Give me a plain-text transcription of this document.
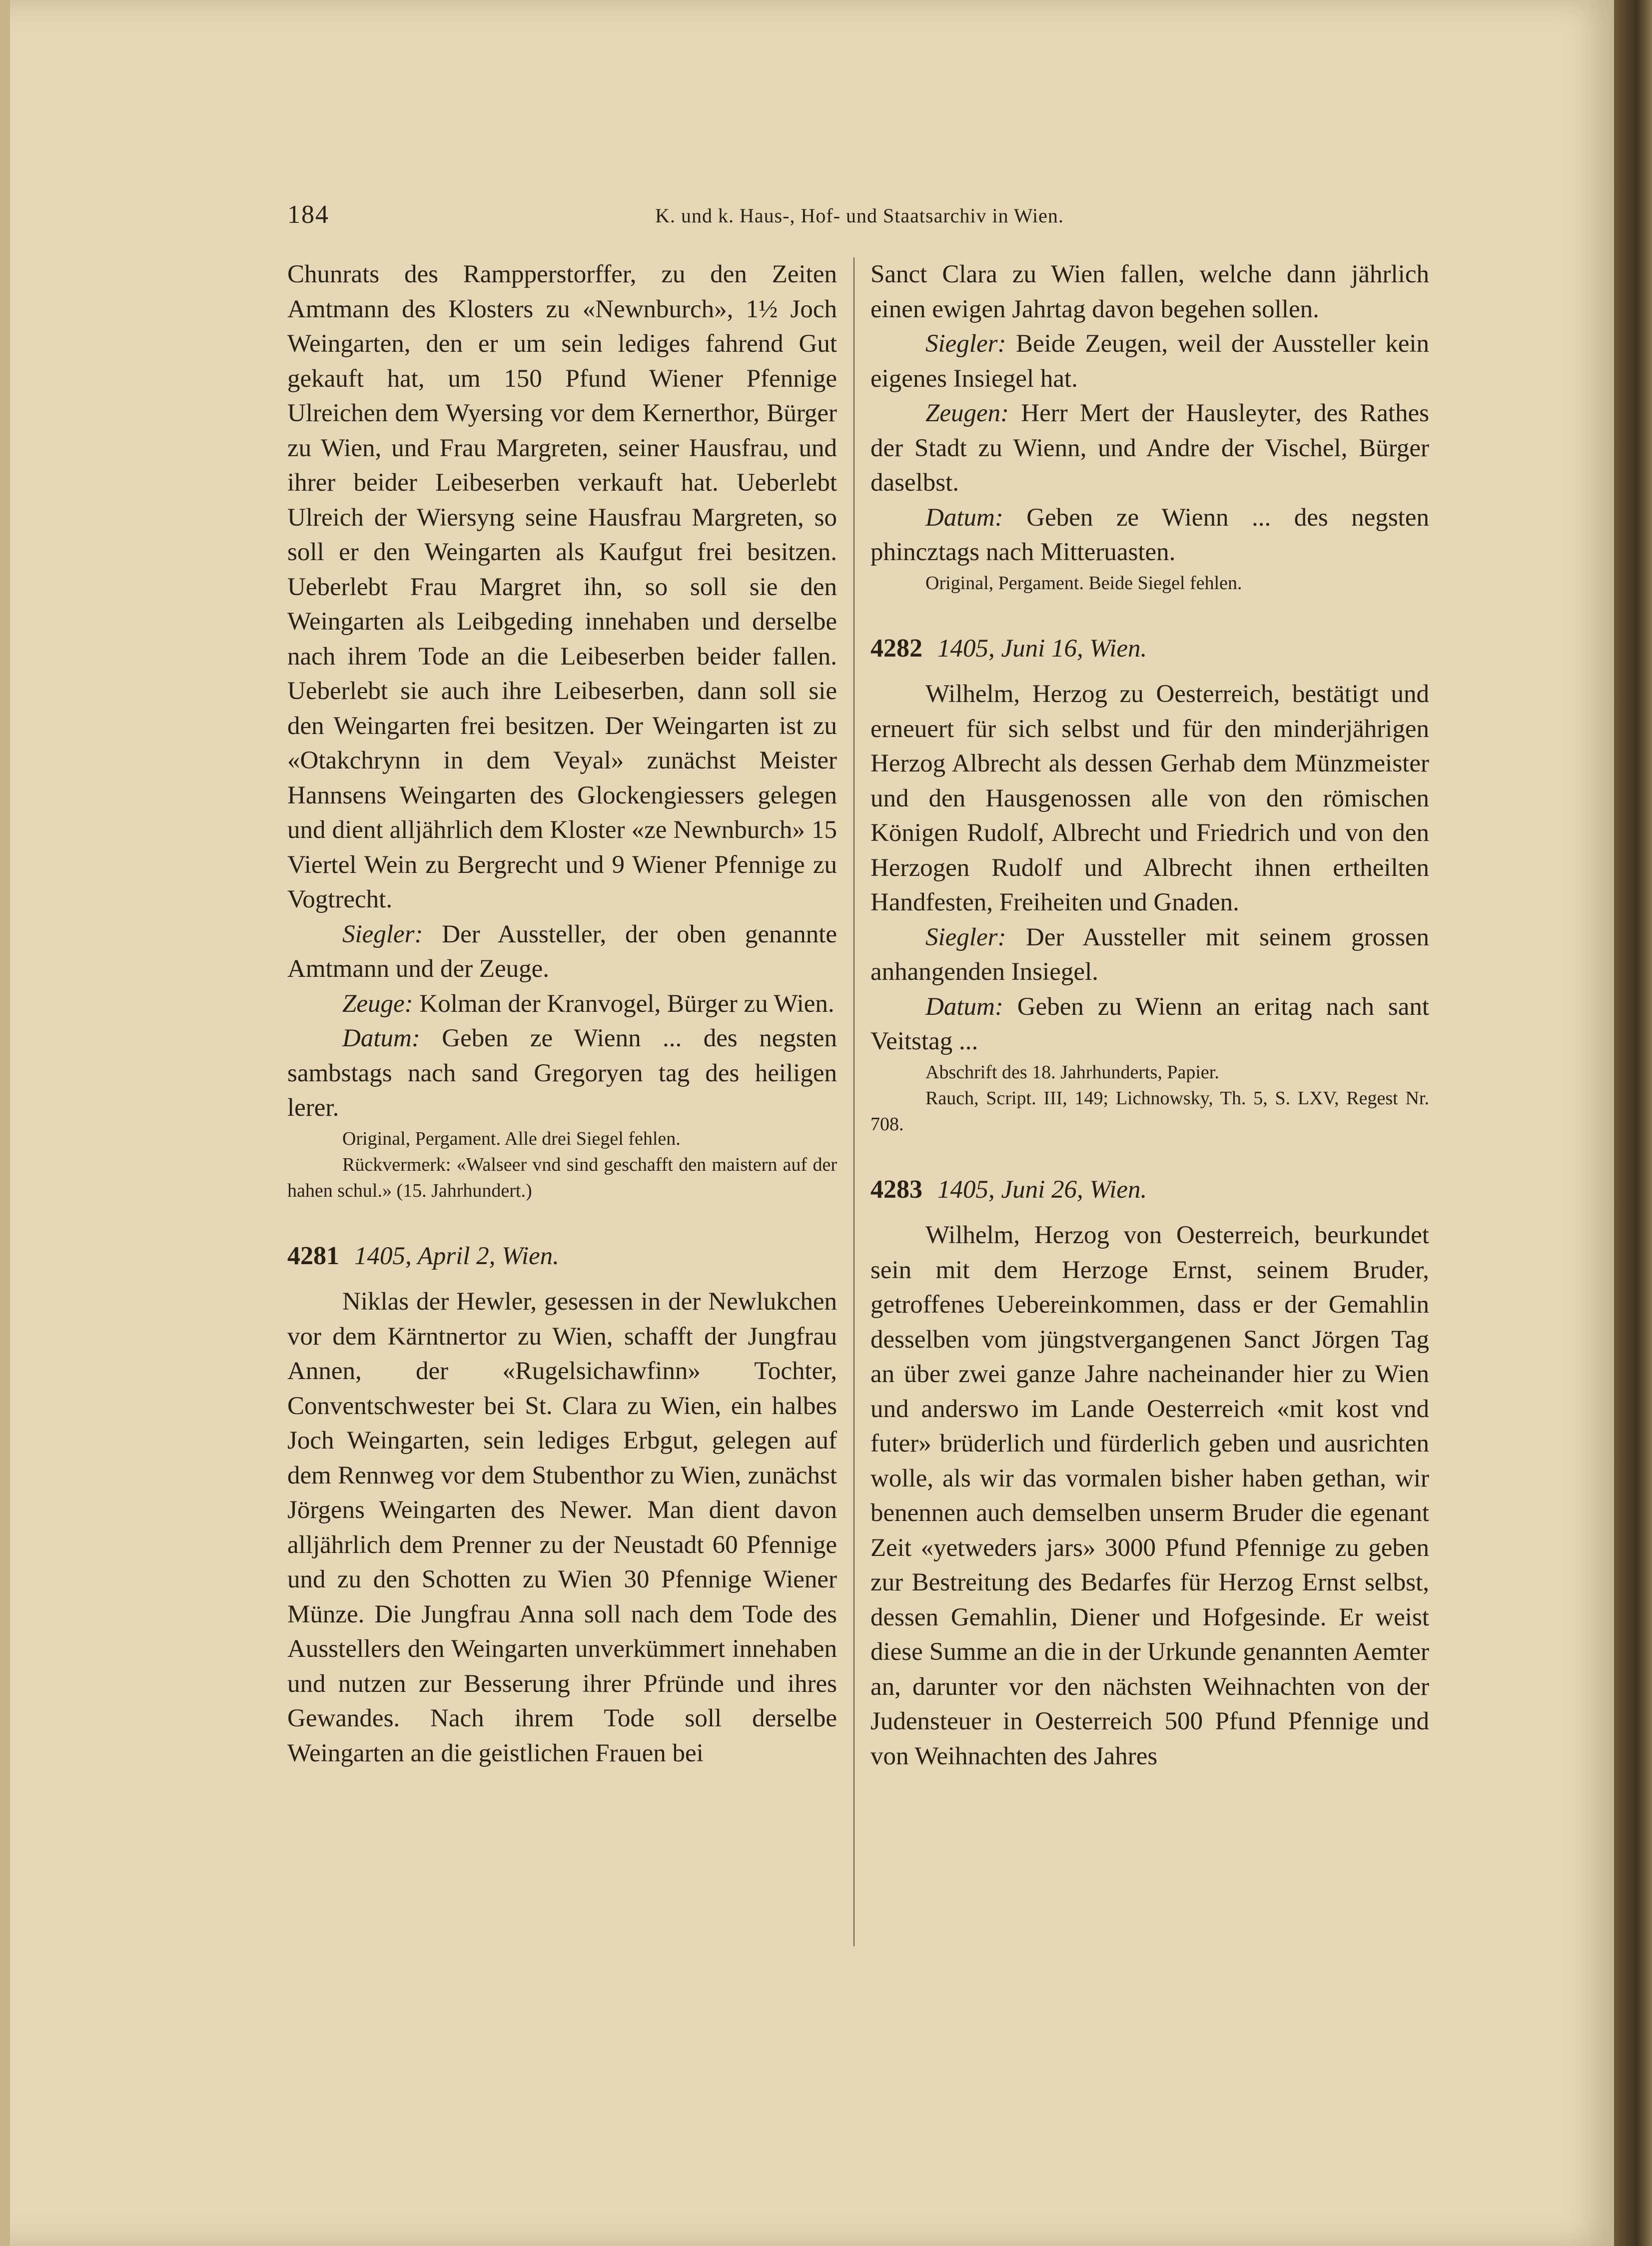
184	K. und k. Haus-, Hof- und Staatsarchiv in Wien.

Chunrats des Rampperstorffer, zu den Zeiten Amtmann des Klosters zu «Newnburch», 1½ Joch Weingarten, den er um sein lediges fahrend Gut gekauft hat, um 150 Pfund Wiener Pfennige Ulreichen dem Wyersing vor dem Kernerthor, Bürger zu Wien, und Frau Margreten, seiner Hausfrau, und ihrer beider Leibeserben verkauft hat. Ueberlebt Ulreich der Wiersyng seine Hausfrau Margreten, so soll er den Weingarten als Kaufgut frei besitzen. Ueberlebt Frau Margret ihn, so soll sie den Weingarten als Leibgeding innehaben und derselbe nach ihrem Tode an die Leibeserben beider fallen. Ueberlebt sie auch ihre Leibeserben, dann soll sie den Weingarten frei besitzen. Der Weingarten ist zu «Otakchrynn in dem Veyal» zunächst Meister Hannsens Weingarten des Glockengiessers gelegen und dient alljährlich dem Kloster «ze Newnburch» 15 Viertel Wein zu Bergrecht und 9 Wiener Pfennige zu Vogtrecht.

Siegler: Der Aussteller, der oben genannte Amtmann und der Zeuge.

Zeuge: Kolman der Kranvogel, Bürger zu Wien.

Datum: Geben ze Wienn ... des negsten sambstags nach sand Gregoryen tag des heiligen lerer.

Original, Pergament. Alle drei Siegel fehlen.

Rückvermerk: «Walseer vnd sind geschafft den maistern auf der hahen schul.» (15. Jahrhundert.)

4281 1405, April 2, Wien.

Niklas der Hewler, gesessen in der Newlukchen vor dem Kärntnertor zu Wien, schafft der Jungfrau Annen, der «Rugelsichawfinn» Tochter, Conventschwester bei St. Clara zu Wien, ein halbes Joch Weingarten, sein lediges Erbgut, gelegen auf dem Rennweg vor dem Stubenthor zu Wien, zunächst Jörgens Weingarten des Newer. Man dient davon alljährlich dem Prenner zu der Neustadt 60 Pfennige und zu den Schotten zu Wien 30 Pfennige Wiener Münze. Die Jungfrau Anna soll nach dem Tode des Ausstellers den Weingarten unverkümmert innehaben und nutzen zur Besserung ihrer Pfründe und ihres Gewandes. Nach ihrem Tode soll derselbe Weingarten an die geistlichen Frauen bei

Sanct Clara zu Wien fallen, welche dann jährlich einen ewigen Jahrtag davon begehen sollen.

Siegler: Beide Zeugen, weil der Aussteller kein eigenes Insiegel hat.

Zeugen: Herr Mert der Hausleyter, des Rathes der Stadt zu Wienn, und Andre der Vischel, Bürger daselbst.

Datum: Geben ze Wienn ... des negsten phincztags nach Mitteruasten.

Original, Pergament. Beide Siegel fehlen.

4282 1405, Juni 16, Wien.

Wilhelm, Herzog zu Oesterreich, bestätigt und erneuert für sich selbst und für den minderjährigen Herzog Albrecht als dessen Gerhab dem Münzmeister und den Hausgenossen alle von den römischen Königen Rudolf, Albrecht und Friedrich und von den Herzogen Rudolf und Albrecht ihnen ertheilten Handfesten, Freiheiten und Gnaden.

Siegler: Der Aussteller mit seinem grossen anhangenden Insiegel.

Datum: Geben zu Wienn an eritag nach sant Veitstag ...

Abschrift des 18. Jahrhunderts, Papier.

Rauch, Script. III, 149; Lichnowsky, Th. 5, S. LXV, Regest Nr. 708.

4283 1405, Juni 26, Wien.

Wilhelm, Herzog von Oesterreich, beurkundet sein mit dem Herzoge Ernst, seinem Bruder, getroffenes Uebereinkommen, dass er der Gemahlin desselben vom jüngstvergangenen Sanct Jörgen Tag an über zwei ganze Jahre nacheinander hier zu Wien und anderswo im Lande Oesterreich «mit kost vnd futer» brüderlich und fürderlich geben und ausrichten wolle, als wir das vormalen bisher haben gethan, wir benennen auch demselben unserm Bruder die egenant Zeit «yetweders jars» 3000 Pfund Pfennige zu geben zur Bestreitung des Bedarfes für Herzog Ernst selbst, dessen Gemahlin, Diener und Hofgesinde. Er weist diese Summe an die in der Urkunde genannten Aemter an, darunter vor den nächsten Weihnachten von der Judensteuer in Oesterreich 500 Pfund Pfennige und von Weihnachten des Jahres
